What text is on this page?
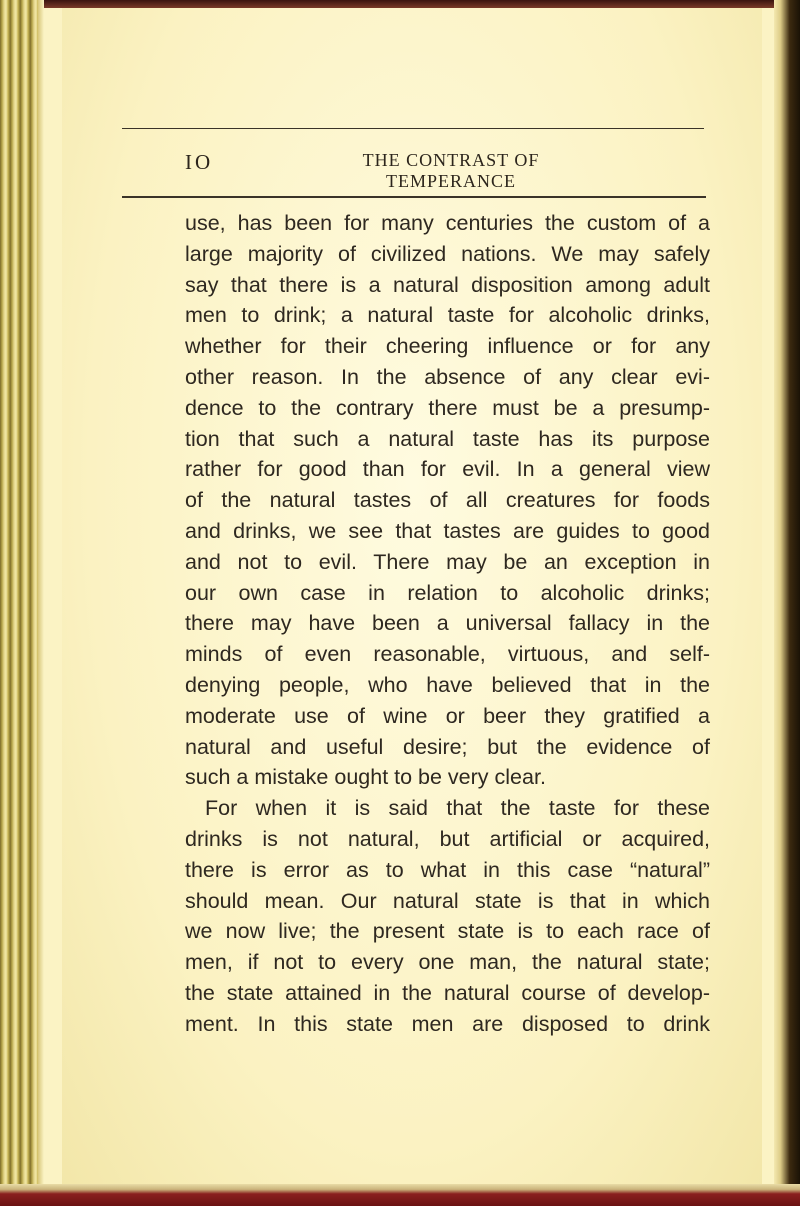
IO	THE CONTRAST OF TEMPERANCE
use, has been for many centuries the custom of a
large majority of civilized nations. We may safely
say that there is a natural disposition among adult
men to drink; a natural taste for alcoholic drinks,
whether for their cheering influence or for any
other reason. In the absence of any clear evi-
dence to the contrary there must be a presump-
tion that such a natural taste has its purpose
rather for good than for evil. In a general view
of the natural tastes of all creatures for foods
and drinks, we see that tastes are guides to good
and not to evil. There may be an exception in
our own case in relation to alcoholic drinks;
there may have been a universal fallacy in the
minds of even reasonable, virtuous, and self-
denying people, who have believed that in the
moderate use of wine or beer they gratified a
natural and useful desire; but the evidence of
such a mistake ought to be very clear.
For when it is said that the taste for these
drinks is not natural, but artificial or acquired,
there is error as to what in this case “natural”
should mean. Our natural state is that in which
we now live; the present state is to each race of
men, if not to every one man, the natural state;
the state attained in the natural course of develop-
ment. In this state men are disposed to drink
